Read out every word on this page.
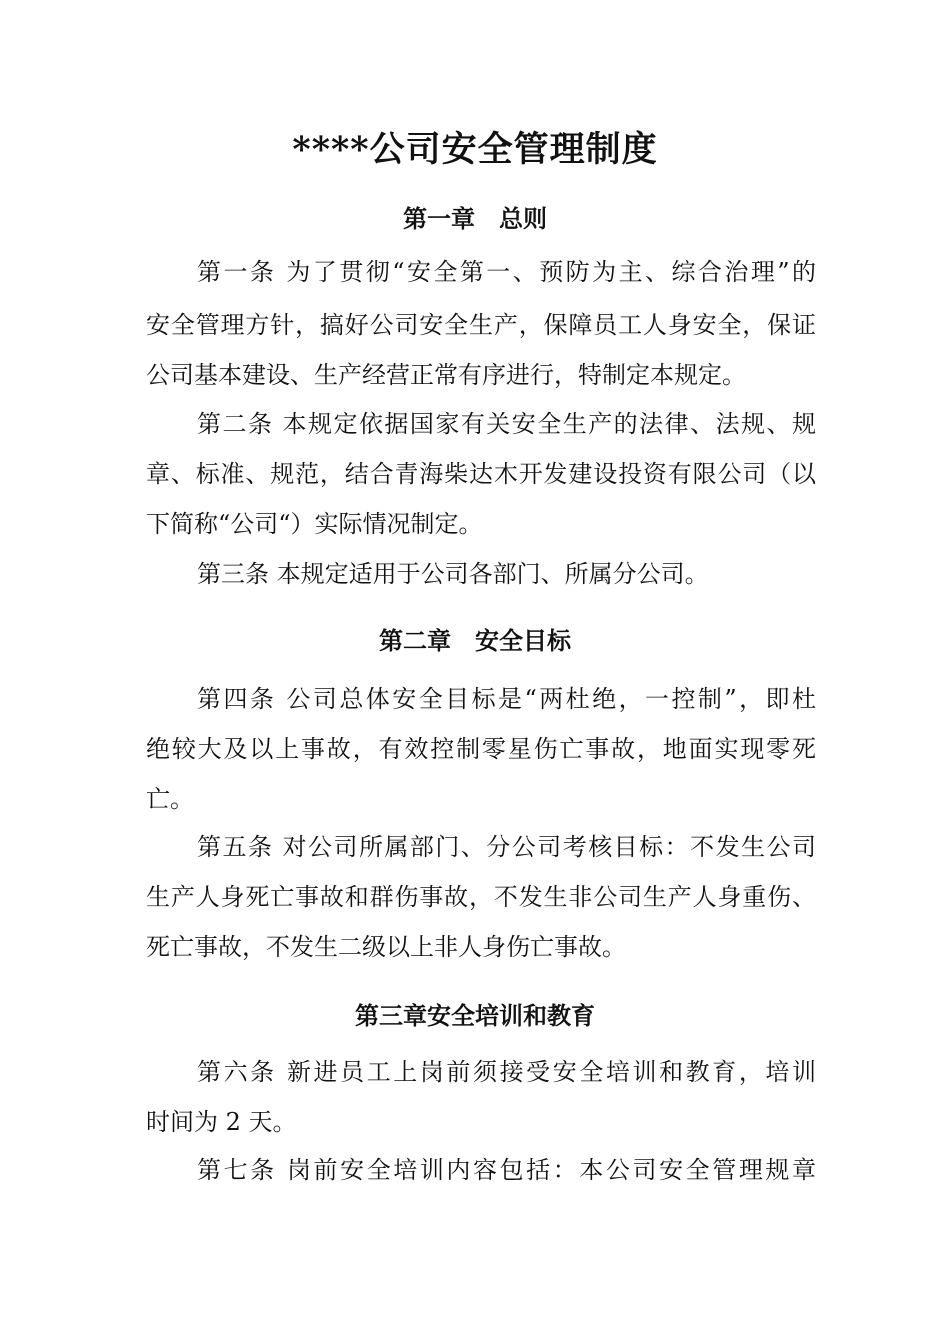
****公司安全管理制度
第一章　总则
第一条 为了贯彻“安全第一、预防为主、综合治理”的
安全管理方针，搞好公司安全生产，保障员工人身安全，保证
公司基本建设、生产经营正常有序进行，特制定本规定。
第二条 本规定依据国家有关安全生产的法律、法规、规
章、标准、规范，结合青海柴达木开发建设投资有限公司（以
下简称“公司“）实际情况制定。
第三条 本规定适用于公司各部门、所属分公司。
第二章　安全目标
第四条 公司总体安全目标是“两杜绝，一控制”，即杜
绝较大及以上事故，有效控制零星伤亡事故，地面实现零死
亡。
第五条 对公司所属部门、分公司考核目标：不发生公司
生产人身死亡事故和群伤事故，不发生非公司生产人身重伤、
死亡事故，不发生二级以上非人身伤亡事故。
第三章安全培训和教育
第六条 新进员工上岗前须接受安全培训和教育，培训
时间为 2 天。
第七条 岗前安全培训内容包括：本公司安全管理规章
